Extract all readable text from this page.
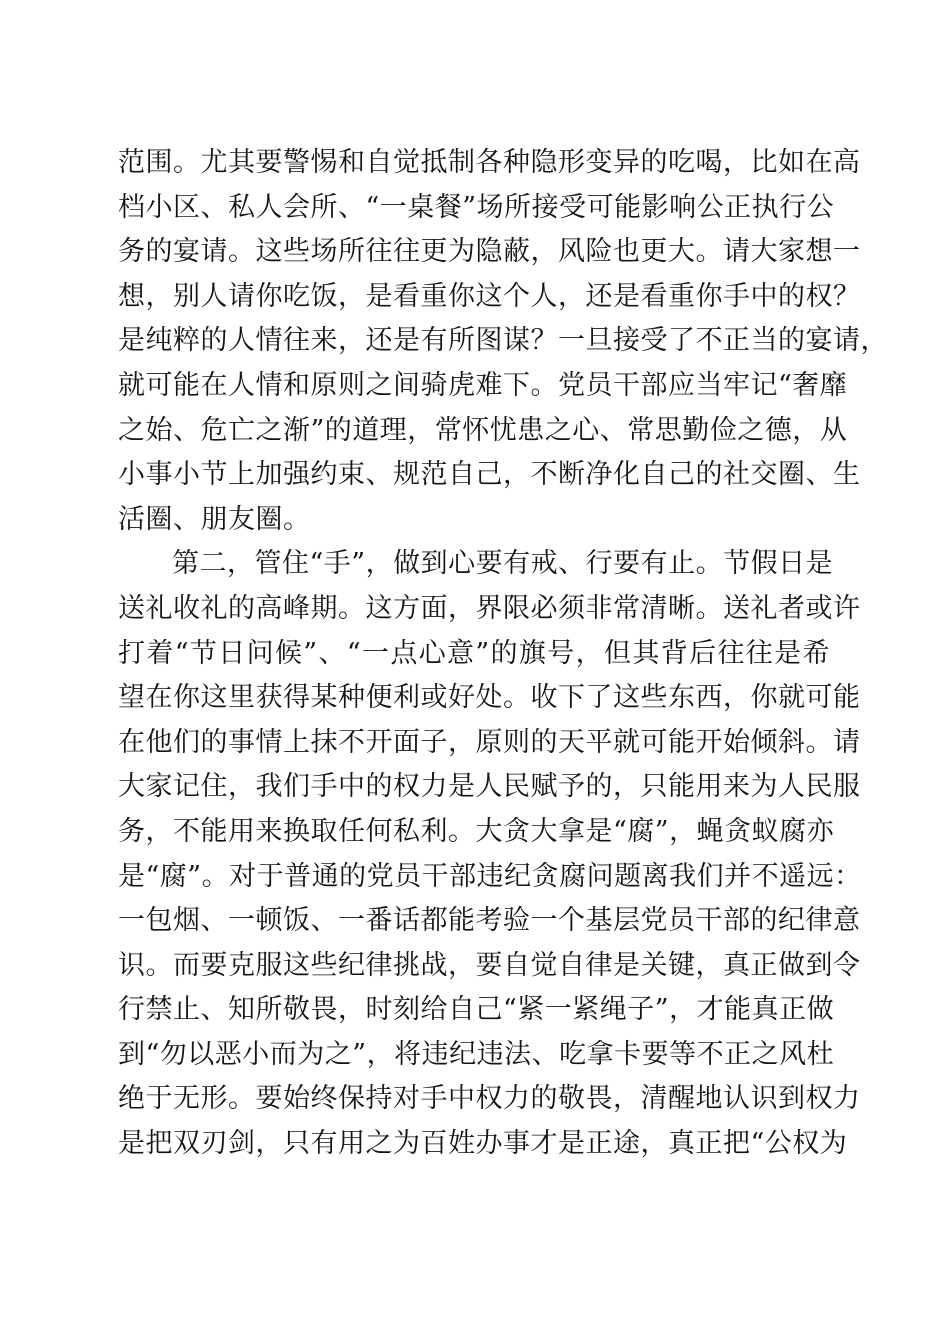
范围。尤其要警惕和自觉抵制各种隐形变异的吃喝，比如在高
档小区、私人会所、“一桌餐”场所接受可能影响公正执行公
务的宴请。这些场所往往更为隐蔽，风险也更大。请大家想一
想，别人请你吃饭，是看重你这个人，还是看重你手中的权？
是纯粹的人情往来，还是有所图谋？一旦接受了不正当的宴请，
就可能在人情和原则之间骑虎难下。党员干部应当牢记“奢靡
之始、危亡之渐”的道理，常怀忧患之心、常思勤俭之德，从
小事小节上加强约束、规范自己，不断净化自己的社交圈、生
活圈、朋友圈。
第二，管住“手”，做到心要有戒、行要有止。节假日是
送礼收礼的高峰期。这方面，界限必须非常清晰。送礼者或许
打着“节日问候”、“一点心意”的旗号，但其背后往往是希
望在你这里获得某种便利或好处。收下了这些东西，你就可能
在他们的事情上抹不开面子，原则的天平就可能开始倾斜。请
大家记住，我们手中的权力是人民赋予的，只能用来为人民服
务，不能用来换取任何私利。大贪大拿是“腐”，蝇贪蚁腐亦
是“腐”。对于普通的党员干部违纪贪腐问题离我们并不遥远：
一包烟、一顿饭、一番话都能考验一个基层党员干部的纪律意
识。而要克服这些纪律挑战，要自觉自律是关键，真正做到令
行禁止、知所敬畏，时刻给自己“紧一紧绳子”，才能真正做
到“勿以恶小而为之”，将违纪违法、吃拿卡要等不正之风杜
绝于无形。要始终保持对手中权力的敬畏，清醒地认识到权力
是把双刃剑，只有用之为百姓办事才是正途，真正把“公权为
